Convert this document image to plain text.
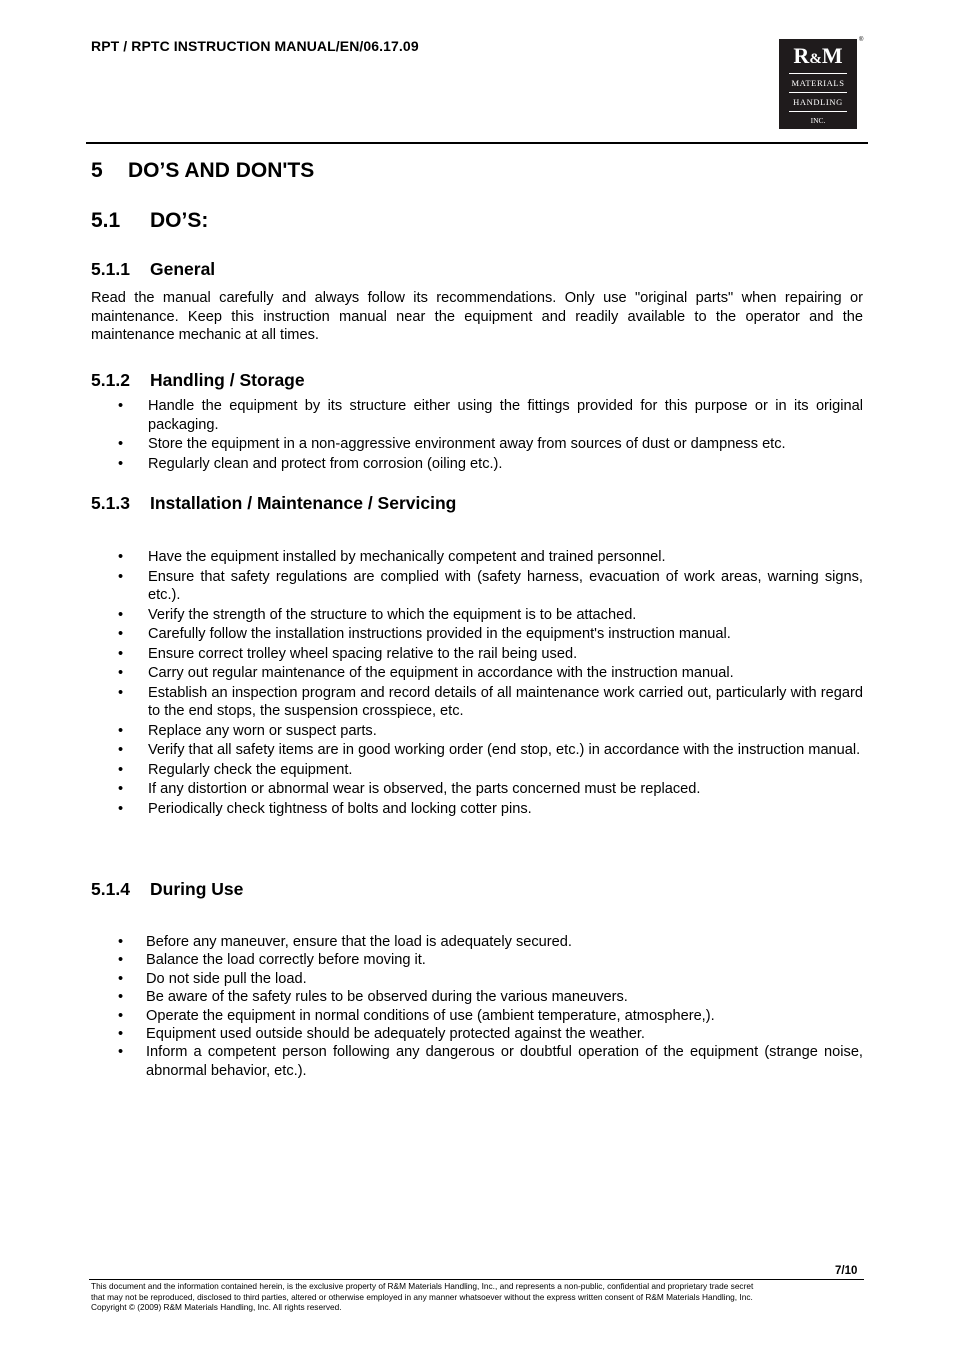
RPT / RPTC INSTRUCTION MANUAL/EN/06.17.09	R&M
MATERIALS
HANDLING
INC.
®
5 DO’S AND DON'TS
5.1 DO’S:
5.1.1 General
Read the manual carefully and always follow its recommendations. Only use "original parts" when repairing or maintenance. Keep this instruction manual near the equipment and readily available to the operator and the maintenance mechanic at all times.
5.1.2 Handling / Storage
• Handle the equipment by its structure either using the fittings provided for this purpose or in its original packaging.
• Store the equipment in a non-aggressive environment away from sources of dust or dampness etc.
• Regularly clean and protect from corrosion (oiling etc.).
5.1.3 Installation / Maintenance / Servicing
• Have the equipment installed by mechanically competent and trained personnel.
• Ensure that safety regulations are complied with (safety harness, evacuation of work areas, warning signs, etc.).
• Verify the strength of the structure to which the equipment is to be attached.
• Carefully follow the installation instructions provided in the equipment's instruction manual.
• Ensure correct trolley wheel spacing relative to the rail being used.
• Carry out regular maintenance of the equipment in accordance with the instruction manual.
• Establish an inspection program and record details of all maintenance work carried out, particularly with regard to the end stops, the suspension crosspiece, etc.
• Replace any worn or suspect parts.
• Verify that all safety items are in good working order (end stop, etc.) in accordance with the instruction manual.
• Regularly check the equipment.
• If any distortion or abnormal wear is observed, the parts concerned must be replaced.
• Periodically check tightness of bolts and locking cotter pins.
5.1.4 During Use
• Before any maneuver, ensure that the load is adequately secured.
• Balance the load correctly before moving it.
• Do not side pull the load.
• Be aware of the safety rules to be observed during the various maneuvers.
• Operate the equipment in normal conditions of use (ambient temperature, atmosphere,).
• Equipment used outside should be adequately protected against the weather.
• Inform a competent person following any dangerous or doubtful operation of the equipment (strange noise, abnormal behavior, etc.).
7/10
This document and the information contained herein, is the exclusive property of R&M Materials Handling, Inc., and represents a non-public, confidential and proprietary trade secret
that may not be reproduced, disclosed to third parties, altered or otherwise employed in any manner whatsoever without the express written consent of R&M Materials Handling, Inc.
Copyright © (2009) R&M Materials Handling, Inc. All rights reserved.
